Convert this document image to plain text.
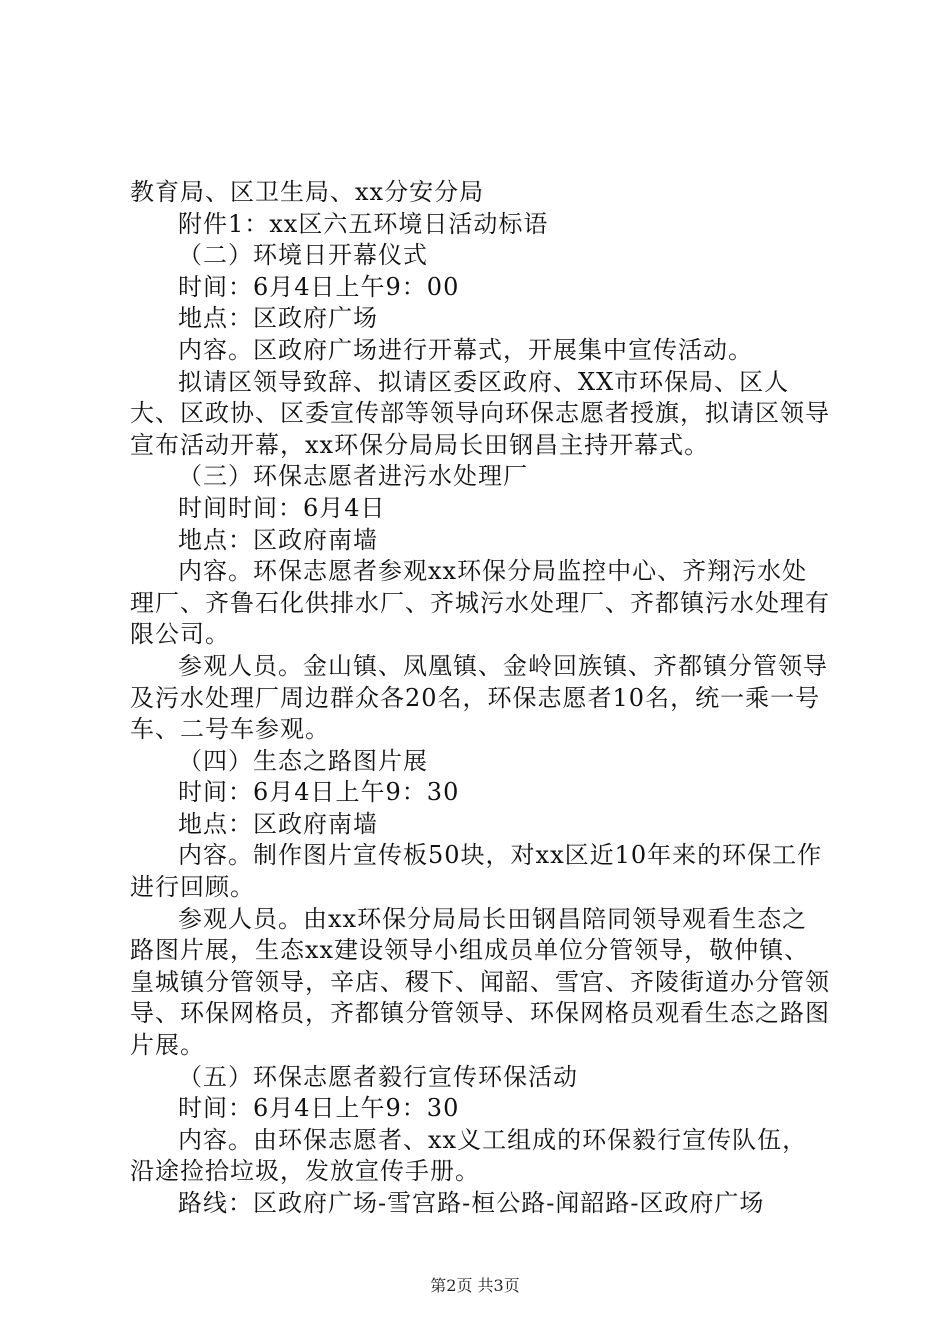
教育局、区卫生局、xx分安分局

附件1：xx区六五环境日活动标语

（二）环境日开幕仪式

时间：6月4日上午9：00

地点：区政府广场

内容。区政府广场进行开幕式，开展集中宣传活动。

拟请区领导致辞、拟请区委区政府、XX市环保局、区人大、区政协、区委宣传部等领导向环保志愿者授旗，拟请区领导宣布活动开幕，xx环保分局局长田钢昌主持开幕式。

（三）环保志愿者进污水处理厂

时间时间：6月4日

地点：区政府南墙

内容。环保志愿者参观xx环保分局监控中心、齐翔污水处理厂、齐鲁石化供排水厂、齐城污水处理厂、齐都镇污水处理有限公司。

参观人员。金山镇、凤凰镇、金岭回族镇、齐都镇分管领导及污水处理厂周边群众各20名，环保志愿者10名，统一乘一号车、二号车参观。

（四）生态之路图片展

时间：6月4日上午9：30

地点：区政府南墙

内容。制作图片宣传板50块，对xx区近10年来的环保工作进行回顾。

参观人员。由xx环保分局局长田钢昌陪同领导观看生态之路图片展，生态xx建设领导小组成员单位分管领导，敬仲镇、皇城镇分管领导，辛店、稷下、闻韶、雪宫、齐陵街道办分管领导、环保网格员，齐都镇分管领导、环保网格员观看生态之路图片展。

（五）环保志愿者毅行宣传环保活动

时间：6月4日上午9：30

内容。由环保志愿者、xx义工组成的环保毅行宣传队伍，沿途捡拾垃圾，发放宣传手册。

路线：区政府广场-雪宫路-桓公路-闻韶路-区政府广场

第2页 共3页
